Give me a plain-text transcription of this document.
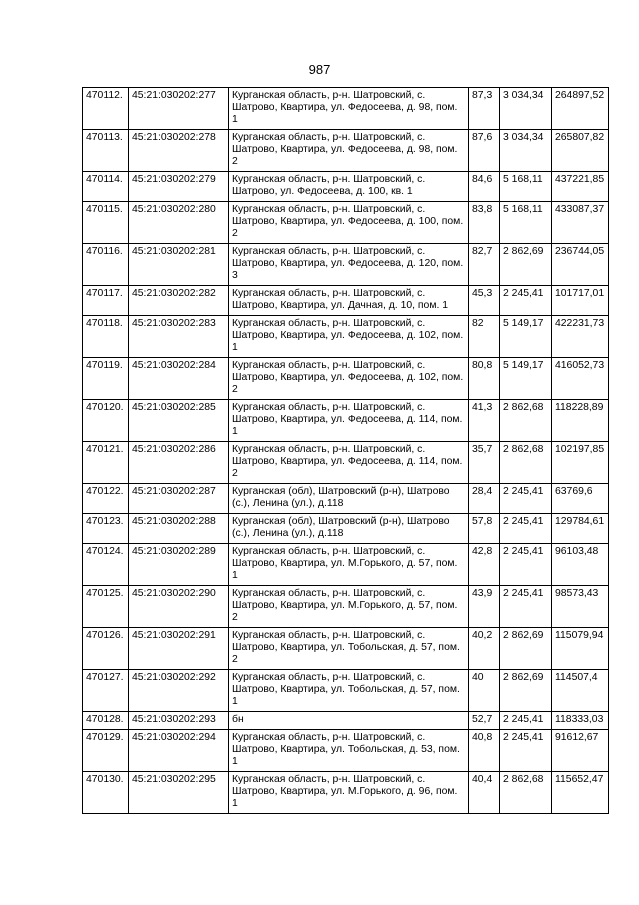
987
470112.	45:21:030202:277	Курганская область, р-н. Шатровский, с. Шатрово, Квартира, ул. Федосеева, д. 98, пом. 1	87,3	3 034,34	264897,52
470113.	45:21:030202:278	Курганская область, р-н. Шатровский, с. Шатрово, Квартира, ул. Федосеева, д. 98, пом. 2	87,6	3 034,34	265807,82
470114.	45:21:030202:279	Курганская область, р-н. Шатровский, с. Шатрово, ул. Федосеева, д. 100, кв. 1	84,6	5 168,11	437221,85
470115.	45:21:030202:280	Курганская область, р-н. Шатровский, с. Шатрово, Квартира, ул. Федосеева, д. 100, пом. 2	83,8	5 168,11	433087,37
470116.	45:21:030202:281	Курганская область, р-н. Шатровский, с. Шатрово, Квартира, ул. Федосеева, д. 120, пом. 3	82,7	2 862,69	236744,05
470117.	45:21:030202:282	Курганская область, р-н. Шатровский, с. Шатрово, Квартира, ул. Дачная, д. 10, пом. 1	45,3	2 245,41	101717,01
470118.	45:21:030202:283	Курганская область, р-н. Шатровский, с. Шатрово, Квартира, ул. Федосеева, д. 102, пом. 1	82	5 149,17	422231,73
470119.	45:21:030202:284	Курганская область, р-н. Шатровский, с. Шатрово, Квартира, ул. Федосеева, д. 102, пом. 2	80,8	5 149,17	416052,73
470120.	45:21:030202:285	Курганская область, р-н. Шатровский, с. Шатрово, Квартира, ул. Федосеева, д. 114, пом. 1	41,3	2 862,68	118228,89
470121.	45:21:030202:286	Курганская область, р-н. Шатровский, с. Шатрово, Квартира, ул. Федосеева, д. 114, пом. 2	35,7	2 862,68	102197,85
470122.	45:21:030202:287	Курганская (обл), Шатровский (р-н), Шатрово (с.), Ленина (ул.), д.118	28,4	2 245,41	63769,6
470123.	45:21:030202:288	Курганская (обл), Шатровский (р-н), Шатрово (с.), Ленина (ул.), д.118	57,8	2 245,41	129784,61
470124.	45:21:030202:289	Курганская область, р-н. Шатровский, с. Шатрово, Квартира, ул. М.Горького, д. 57, пом. 1	42,8	2 245,41	96103,48
470125.	45:21:030202:290	Курганская область, р-н. Шатровский, с. Шатрово, Квартира, ул. М.Горького, д. 57, пом. 2	43,9	2 245,41	98573,43
470126.	45:21:030202:291	Курганская область, р-н. Шатровский, с. Шатрово, Квартира, ул. Тобольская, д. 57, пом. 2	40,2	2 862,69	115079,94
470127.	45:21:030202:292	Курганская область, р-н. Шатровский, с. Шатрово, Квартира, ул. Тобольская, д. 57, пом. 1	40	2 862,69	114507,4
470128.	45:21:030202:293	бн	52,7	2 245,41	118333,03
470129.	45:21:030202:294	Курганская область, р-н. Шатровский, с. Шатрово, Квартира, ул. Тобольская, д. 53, пом. 1	40,8	2 245,41	91612,67
470130.	45:21:030202:295	Курганская область, р-н. Шатровский, с. Шатрово, Квартира, ул. М.Горького, д. 96, пом. 1	40,4	2 862,68	115652,47
